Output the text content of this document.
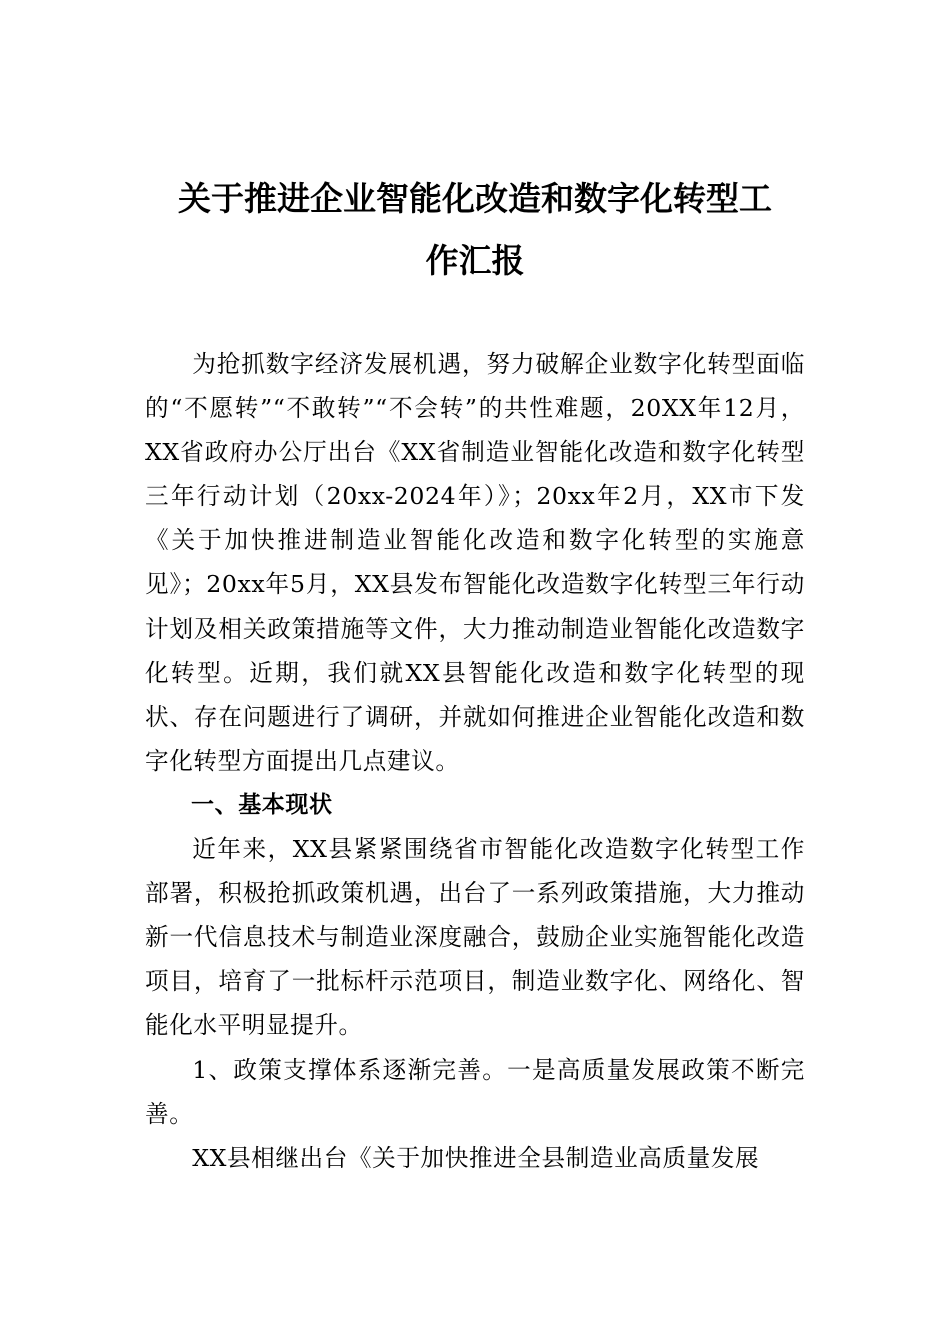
关于推进企业智能化改造和数字化转型工
作汇报

为抢抓数字经济发展机遇，努力破解企业数字化转型面临的“不愿转”“不敢转”“不会转”的共性难题，20XX年12月，XX省政府办公厅出台《XX省制造业智能化改造和数字化转型三年行动计划（20xx-2024年）》；20xx年2月，XX市下发《关于加快推进制造业智能化改造和数字化转型的实施意见》；20xx年5月，XX县发布智能化改造数字化转型三年行动计划及相关政策措施等文件，大力推动制造业智能化改造数字化转型。近期，我们就XX县智能化改造和数字化转型的现状、存在问题进行了调研，并就如何推进企业智能化改造和数字化转型方面提出几点建议。

一、基本现状

近年来，XX县紧紧围绕省市智能化改造数字化转型工作部署，积极抢抓政策机遇，出台了一系列政策措施，大力推动新一代信息技术与制造业深度融合，鼓励企业实施智能化改造项目，培育了一批标杆示范项目，制造业数字化、网络化、智能化水平明显提升。

1、政策支撑体系逐渐完善。一是高质量发展政策不断完善。

XX县相继出台《关于加快推进全县制造业高质量发展
